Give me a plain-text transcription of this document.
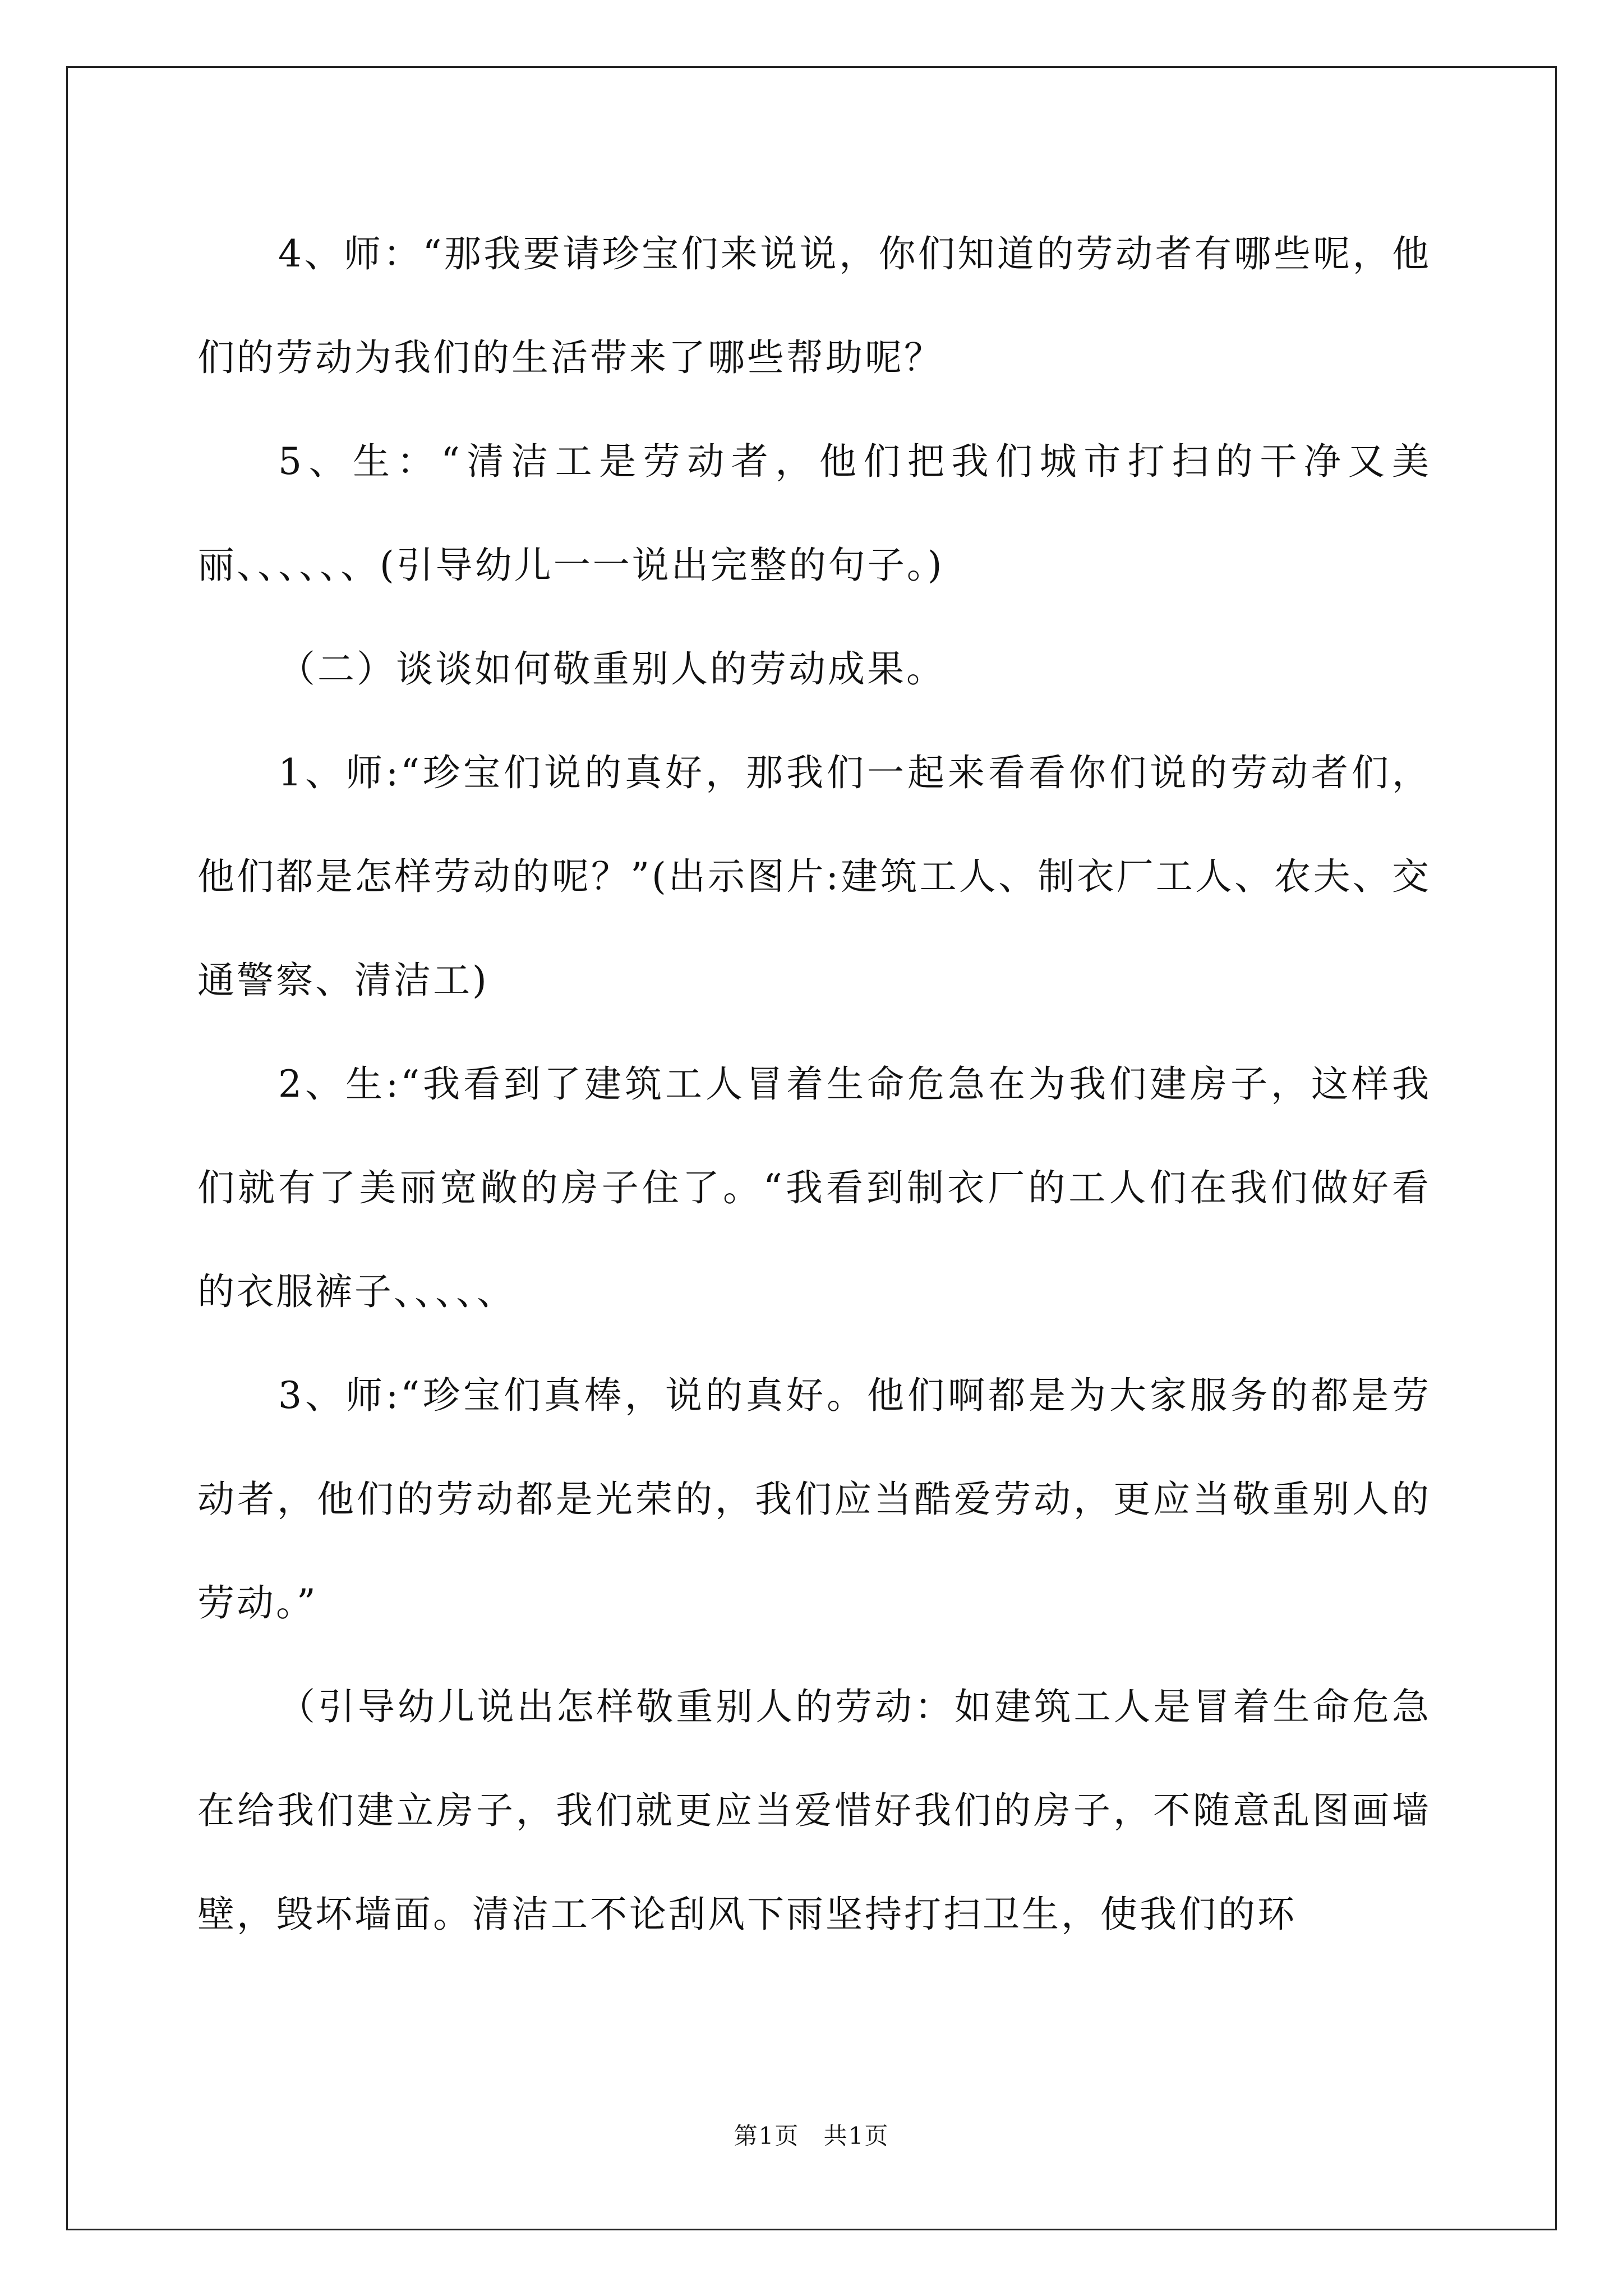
4、师：“那我要请珍宝们来说说，你们知道的劳动者有哪些呢，他们的劳动为我们的生活带来了哪些帮助呢？

5、生：“清洁工是劳动者，他们把我们城市打扫的干净又美丽、、、、、、(引导幼儿一一说出完整的句子。)

（二）谈谈如何敬重别人的劳动成果。

1、师:“珍宝们说的真好，那我们一起来看看你们说的劳动者们，他们都是怎样劳动的呢？”(出示图片:建筑工人、制衣厂工人、农夫、交通警察、清洁工)

2、生:“我看到了建筑工人冒着生命危急在为我们建房子，这样我们就有了美丽宽敞的房子住了。“我看到制衣厂的工人们在我们做好看的衣服裤子、、、、、

3、师:“珍宝们真棒，说的真好。他们啊都是为大家服务的都是劳动者，他们的劳动都是光荣的，我们应当酷爱劳动，更应当敬重别人的劳动。”

（引导幼儿说出怎样敬重别人的劳动：如建筑工人是冒着生命危急在给我们建立房子，我们就更应当爱惜好我们的房子，不随意乱图画墙壁，毁坏墙面。清洁工不论刮风下雨坚持打扫卫生，使我们的环

第1页 共1页
